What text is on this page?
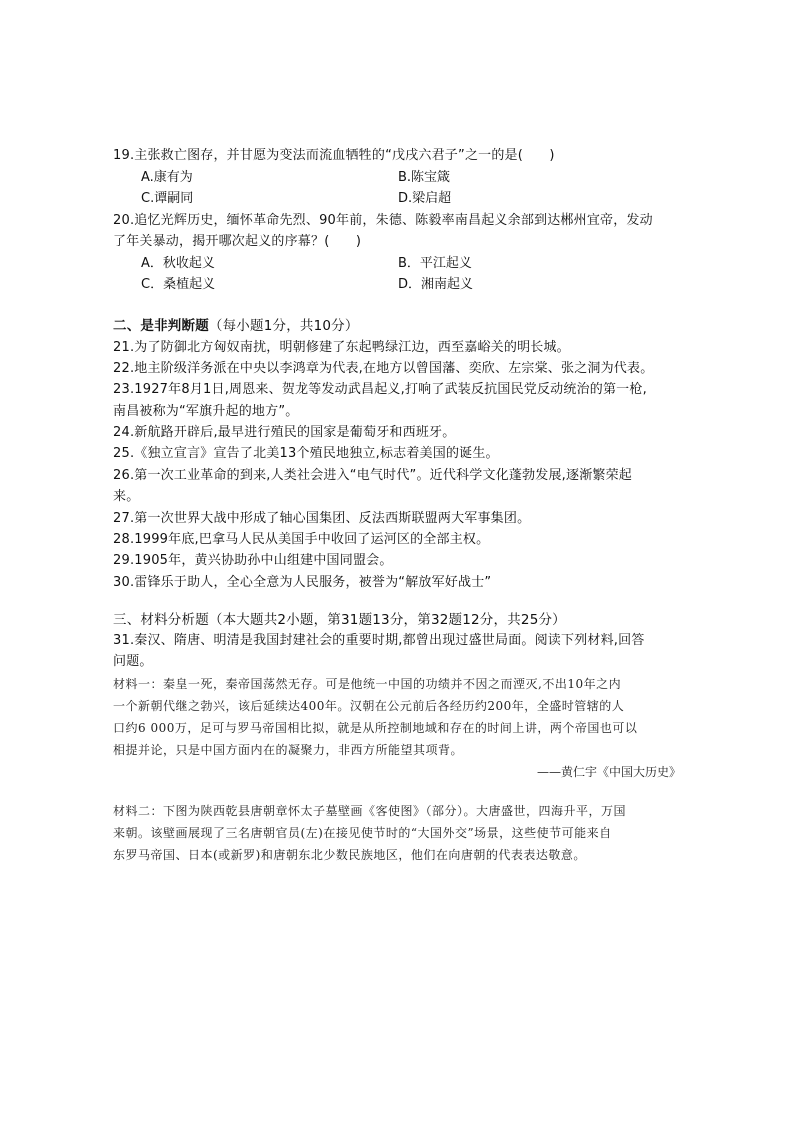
19.主张救亡图存，并甘愿为变法而流血牺牲的“戊戌六君子”之一的是(　　)
A.康有为	B.陈宝箴
C.谭嗣同	D.梁启超
20.追忆光辉历史，缅怀革命先烈、90年前，朱德、陈毅率南昌起义余部到达郴州宜帝，发动
了年关暴动，揭开哪次起义的序幕？(　　)
A．秋收起义	B．平江起义
C．桑植起义	D．湘南起义
二、是非判断题（每小题1分，共10分）
21.为了防御北方匈奴南扰，明朝修建了东起鸭绿江边，西至嘉峪关的明长城。
22.地主阶级洋务派在中央以李鸿章为代表,在地方以曾国藩、奕欣、左宗棠、张之洞为代表。
23.1927年8月1日,周恩来、贺龙等发动武昌起义,打响了武装反抗国民党反动统治的第一枪,
南昌被称为“军旗升起的地方”。
24.新航路开辟后,最早进行殖民的国家是葡萄牙和西班牙。
25.《独立宣言》宣告了北美13个殖民地独立,标志着美国的诞生。
26.第一次工业革命的到来,人类社会进入“电气时代”。近代科学文化蓬勃发展,逐渐繁荣起
来。
27.第一次世界大战中形成了轴心国集团、反法西斯联盟两大军事集团。
28.1999年底,巴拿马人民从美国手中收回了运河区的全部主权。
29.1905年，黄兴协助孙中山组建中国同盟会。
30.雷锋乐于助人，全心全意为人民服务，被誉为“解放军好战士”
三、材料分析题（本大题共2小题，第31题13分，第32题12分，共25分）
31.秦汉、隋唐、明清是我国封建社会的重要时期,都曾出现过盛世局面。阅读下列材料,回答
问题。
材料一：秦皇一死，秦帝国荡然无存。可是他统一中国的功绩并不因之而湮灭,不出10年之内
一个新朝代继之勃兴，该后延续达400年。汉朝在公元前后各经历约200年，全盛时管辖的人
口约6 000万，足可与罗马帝国相比拟，就是从所控制地域和存在的时间上讲，两个帝国也可以
相提并论，只是中国方面内在的凝聚力，非西方所能望其项背。
——黄仁宇《中国大历史》
材料二：下图为陕西乾县唐朝章怀太子墓壁画《客使图》（部分）。大唐盛世，四海升平，万国
来朝。该壁画展现了三名唐朝官员(左)在接见使节时的“大国外交”场景，这些使节可能来自
东罗马帝国、日本(或新罗)和唐朝东北少数民族地区，他们在向唐朝的代表表达敬意。
